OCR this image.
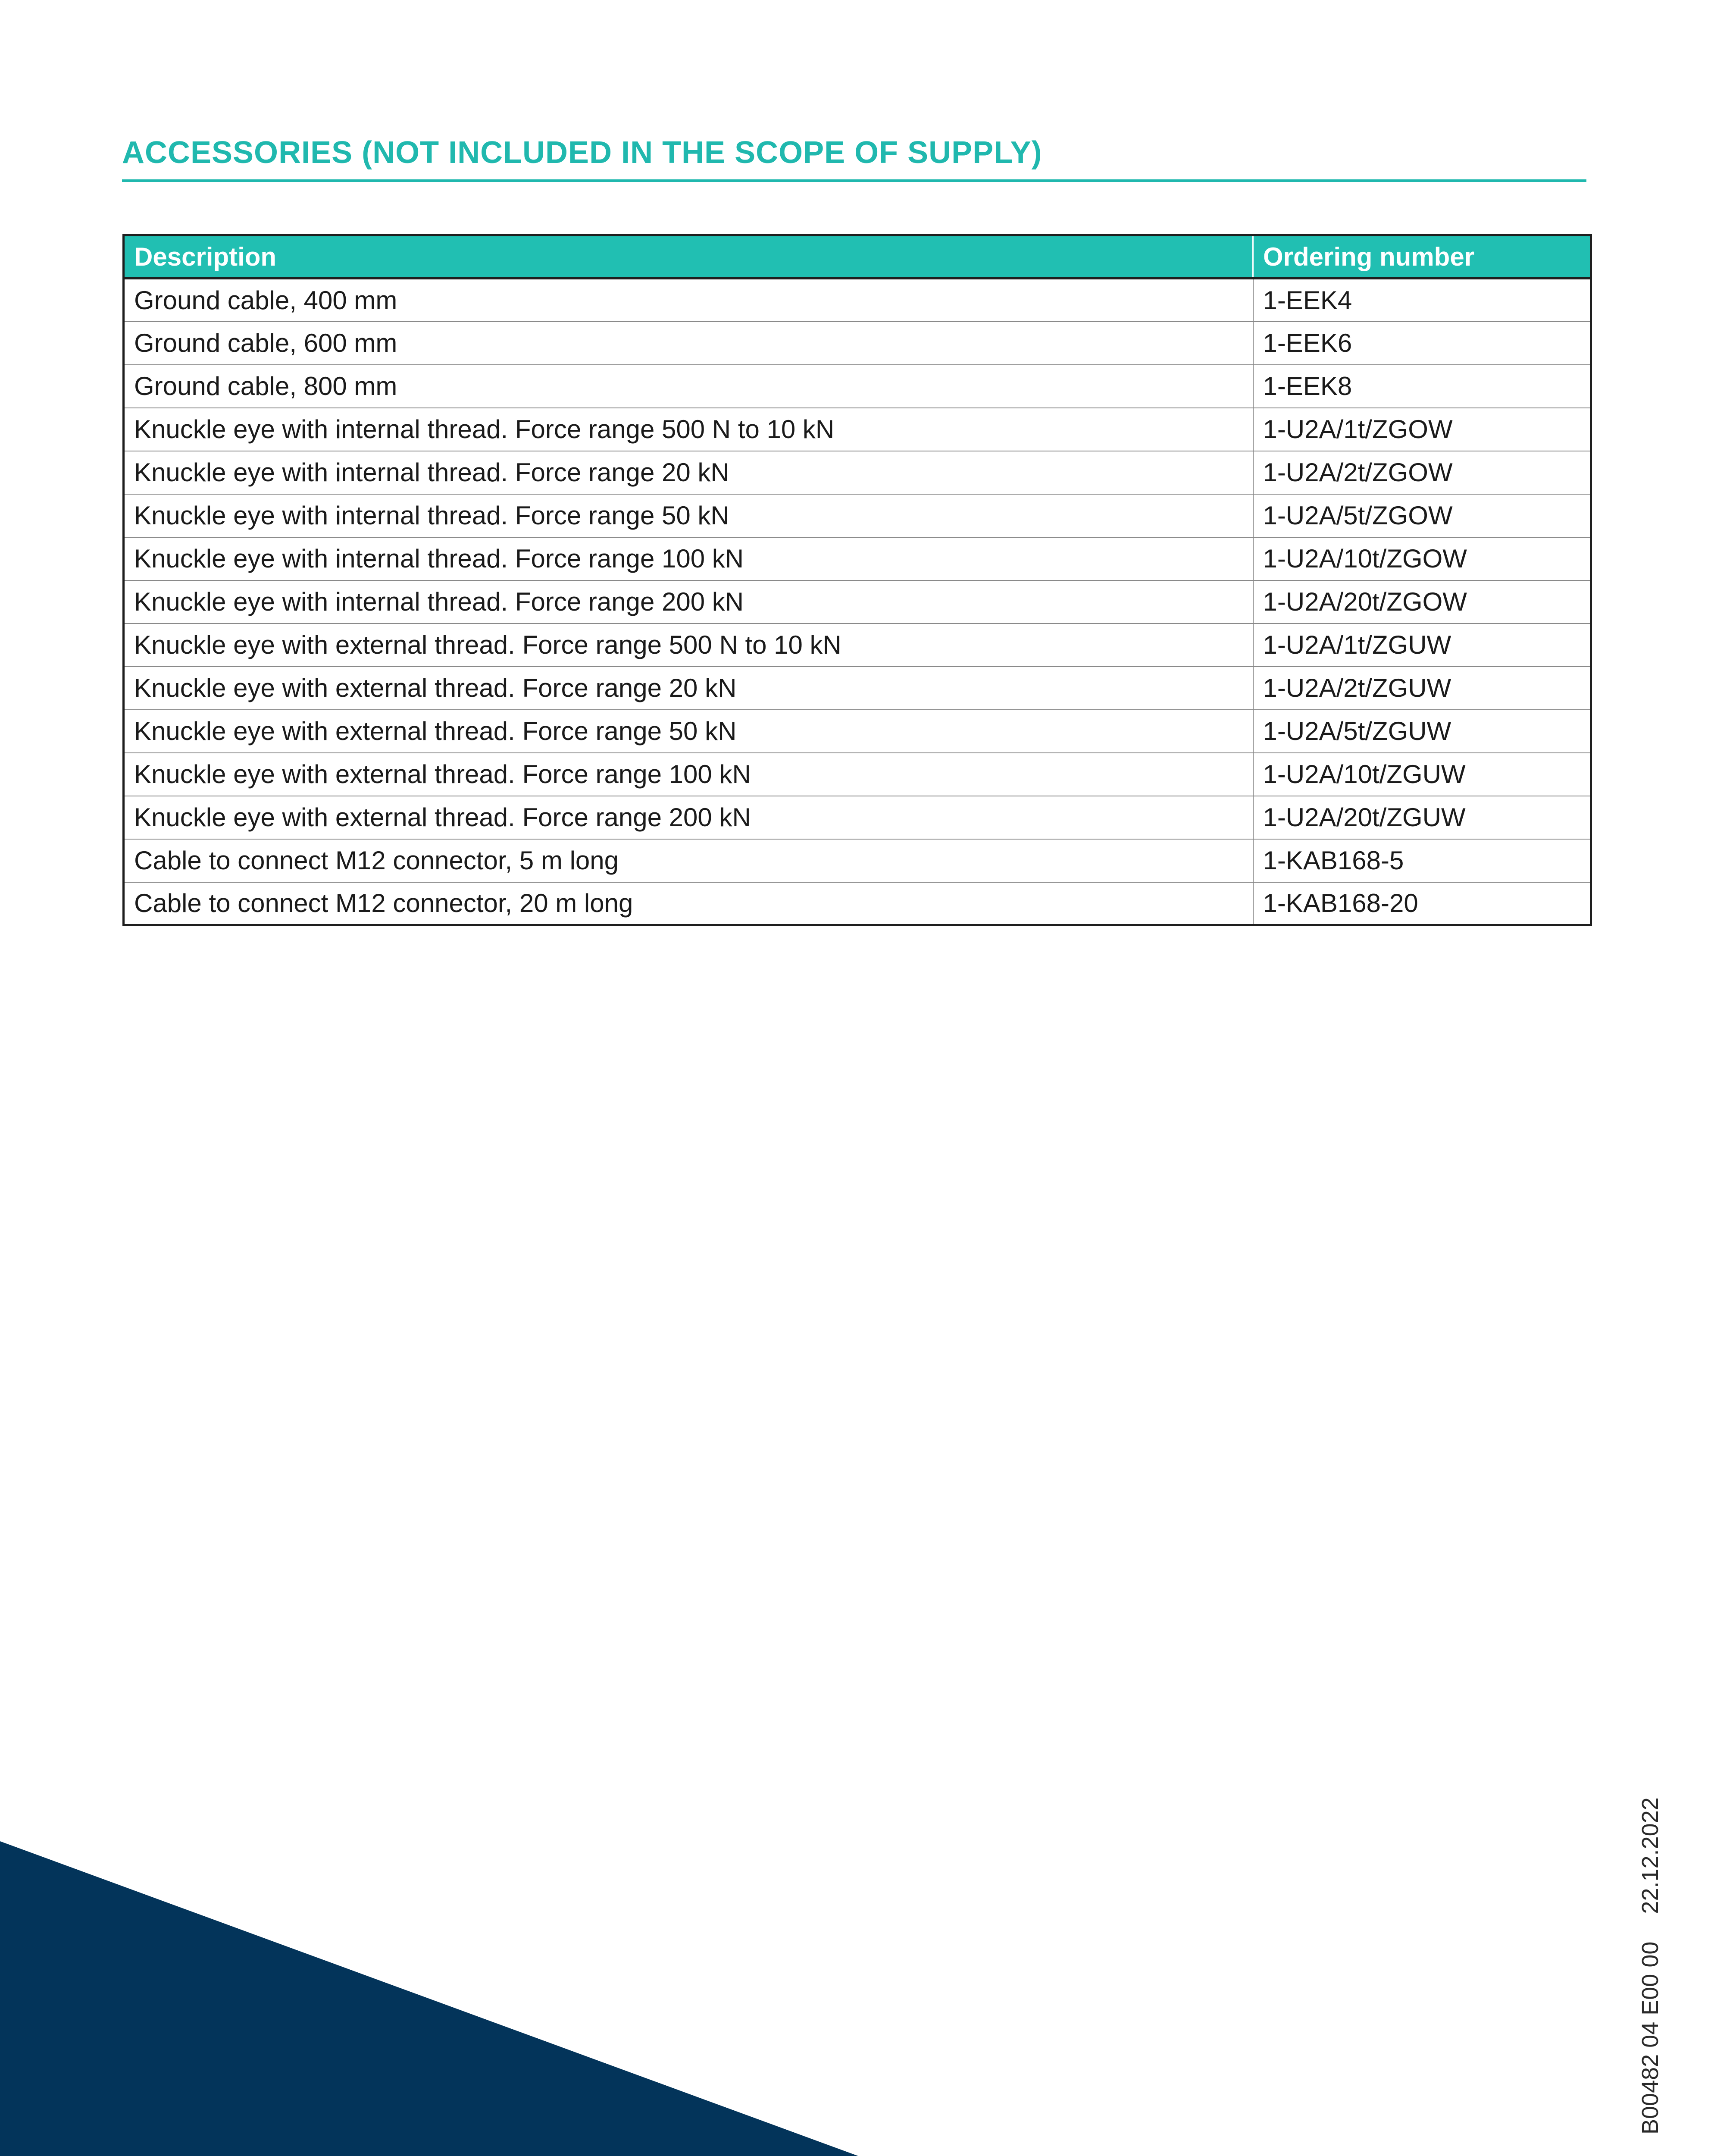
ACCESSORIES (NOT INCLUDED IN THE SCOPE OF SUPPLY)
Description	Ordering number
Ground cable, 400 mm	1-EEK4
Ground cable, 600 mm	1-EEK6
Ground cable, 800 mm	1-EEK8
Knuckle eye with internal thread. Force range 500 N to 10 kN	1-U2A/1t/ZGOW
Knuckle eye with internal thread. Force range 20 kN	1-U2A/2t/ZGOW
Knuckle eye with internal thread. Force range 50 kN	1-U2A/5t/ZGOW
Knuckle eye with internal thread. Force range 100 kN	1-U2A/10t/ZGOW
Knuckle eye with internal thread. Force range 200 kN	1-U2A/20t/ZGOW
Knuckle eye with external thread. Force range 500 N to 10 kN	1-U2A/1t/ZGUW
Knuckle eye with external thread. Force range 20 kN	1-U2A/2t/ZGUW
Knuckle eye with external thread. Force range 50 kN	1-U2A/5t/ZGUW
Knuckle eye with external thread. Force range 100 kN	1-U2A/10t/ZGUW
Knuckle eye with external thread. Force range 200 kN	1-U2A/20t/ZGUW
Cable to connect M12 connector, 5 m long	1-KAB168-5
Cable to connect M12 connector, 20 m long	1-KAB168-20
B00482 04 E00 0022.12.2022
